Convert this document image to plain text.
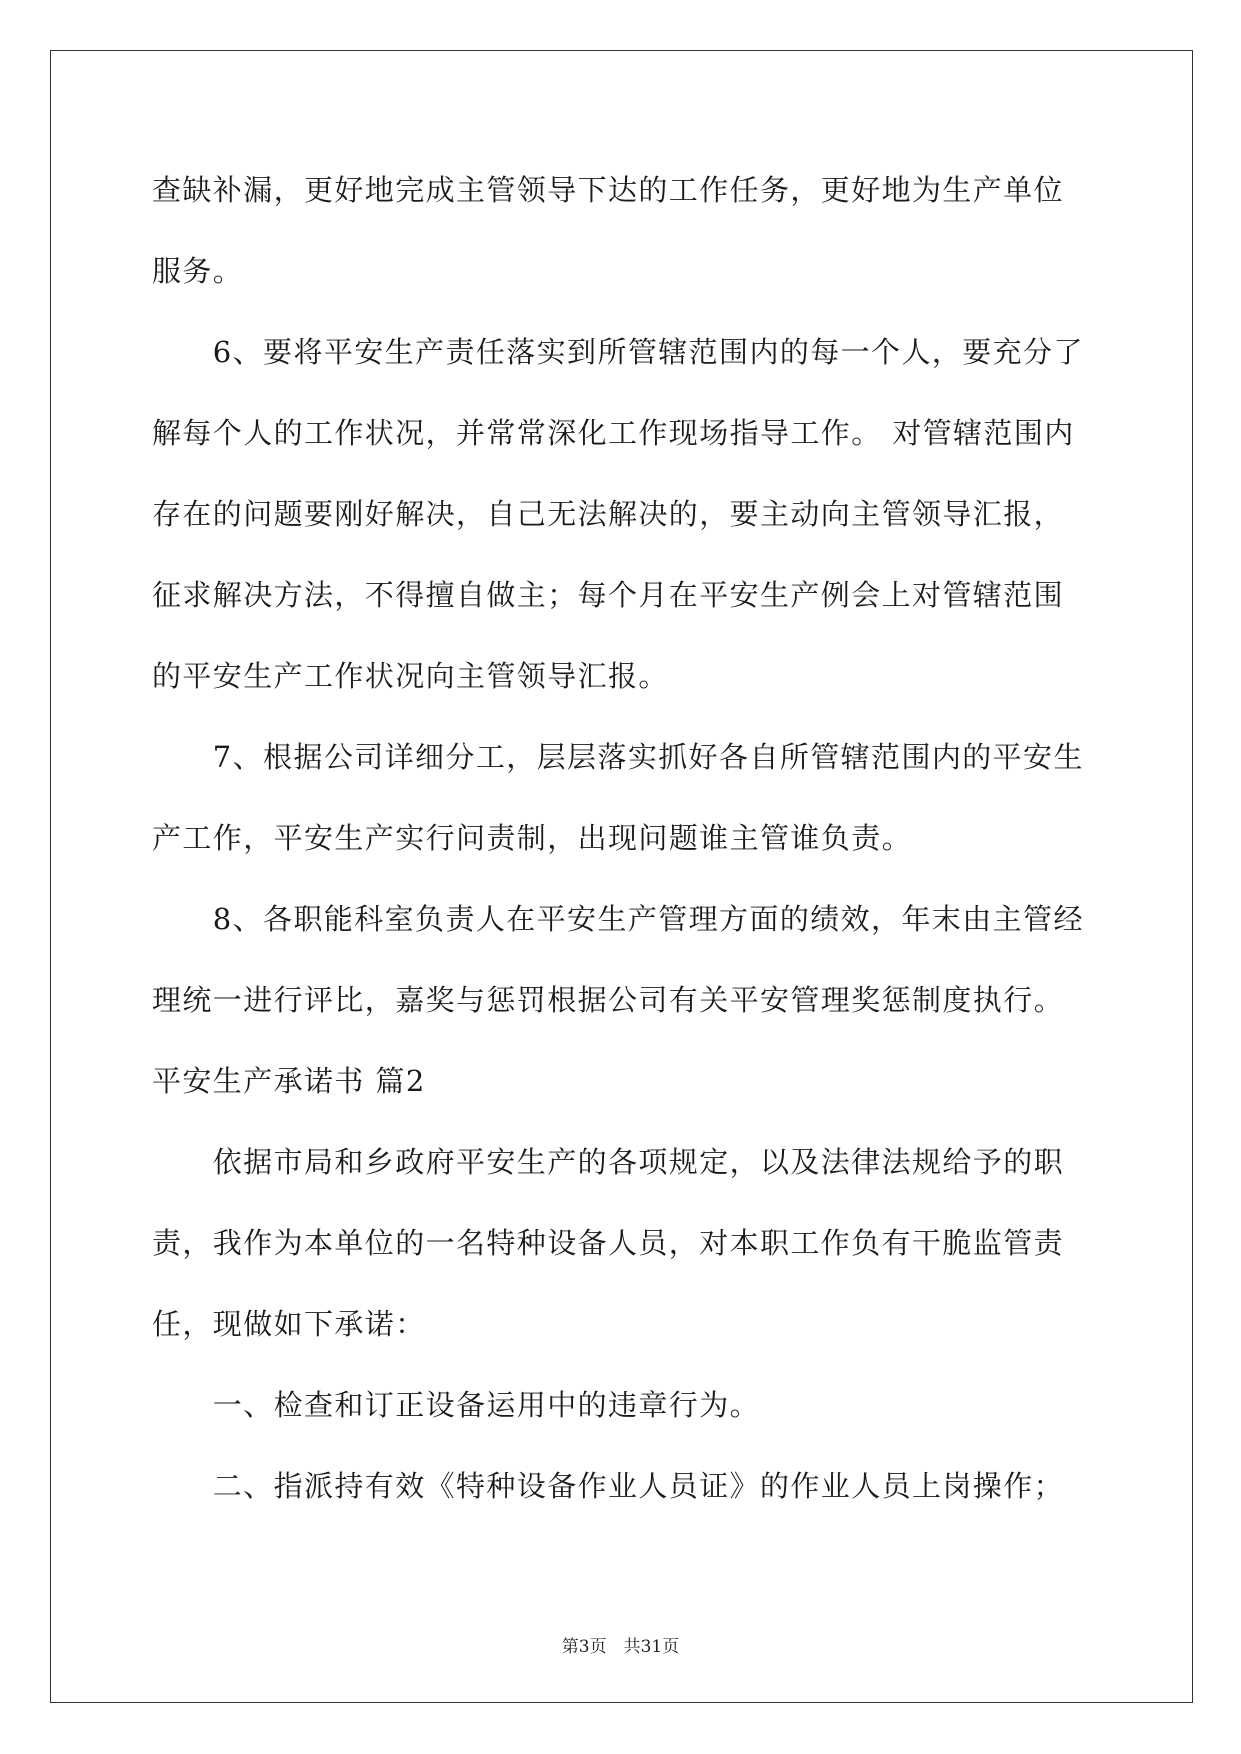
查缺补漏，更好地完成主管领导下达的工作任务，更好地为生产单位
服务。
　　6、要将平安生产责任落实到所管辖范围内的每一个人，要充分了
解每个人的工作状况，并常常深化工作现场指导工作。 对管辖范围内
存在的问题要刚好解决，自己无法解决的，要主动向主管领导汇报，
征求解决方法，不得擅自做主；每个月在平安生产例会上对管辖范围
的平安生产工作状况向主管领导汇报。
　　7、根据公司详细分工，层层落实抓好各自所管辖范围内的平安生
产工作，平安生产实行问责制，出现问题谁主管谁负责。
　　8、各职能科室负责人在平安生产管理方面的绩效，年末由主管经
理统一进行评比，嘉奖与惩罚根据公司有关平安管理奖惩制度执行。
平安生产承诺书 篇2
　　依据市局和乡政府平安生产的各项规定，以及法律法规给予的职
责，我作为本单位的一名特种设备人员，对本职工作负有干脆监管责
任，现做如下承诺：
　　一、检查和订正设备运用中的违章行为。
　　二、指派持有效《特种设备作业人员证》的作业人员上岗操作；
第3页　共31页
